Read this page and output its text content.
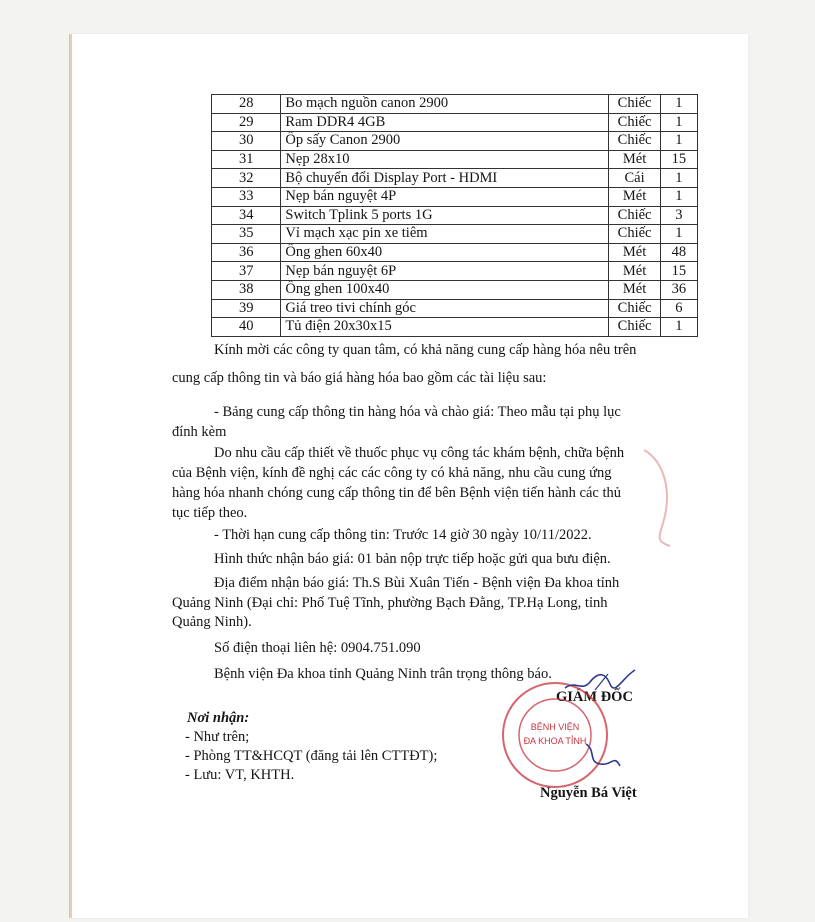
28	Bo mạch nguồn canon 2900	Chiếc	1
29	Ram DDR4 4GB	Chiếc	1
30	Ốp sấy Canon 2900	Chiếc	1
31	Nẹp 28x10	Mét	15
32	Bộ chuyển đổi Display Port - HDMI	Cái	1
33	Nẹp bán nguyệt 4P	Mét	1
34	Switch Tplink 5 ports 1G	Chiếc	3
35	Vỉ mạch xạc pin xe tiêm	Chiếc	1
36	Ống ghen 60x40	Mét	48
37	Nẹp bán nguyệt 6P	Mét	15
38	Ống ghen 100x40	Mét	36
39	Giá treo tivi chính góc	Chiếc	6
40	Tủ điện 20x30x15	Chiếc	1
Kính mời các công ty quan tâm, có khả năng cung cấp hàng hóa nêu trên
cung cấp thông tin và báo giá hàng hóa bao gồm các tài liệu sau:
- Bảng cung cấp thông tin hàng hóa và chào giá: Theo mẫu tại phụ lục
đính kèm
Do nhu cầu cấp thiết về thuốc phục vụ công tác khám bệnh, chữa bệnh
của Bệnh viện, kính đề nghị các các công ty có khả năng, nhu cầu cung ứng
hàng hóa nhanh chóng cung cấp thông tin để bên Bệnh viện tiến hành các thủ
tục tiếp theo.
- Thời hạn cung cấp thông tin: Trước 14 giờ 30 ngày 10/11/2022.
Hình thức nhận báo giá: 01 bản nộp trực tiếp hoặc gửi qua bưu điện.
Địa điểm nhận báo giá: Th.S Bùi Xuân Tiến - Bệnh viện Đa khoa tỉnh
Quảng Ninh (Đại chỉ: Phố Tuệ Tĩnh, phường Bạch Đằng, TP.Hạ Long, tỉnh
Quảng Ninh).
Số điện thoại liên hệ: 0904.751.090
Bệnh viện Đa khoa tỉnh Quảng Ninh trân trọng thông báo.
GIÁM ĐỐC
Nơi nhận:
- Như trên;
- Phòng TT&HCQT (đăng tải lên CTTĐT);
- Lưu: VT, KHTH.
BỆNH VIỆN
ĐA KHOA TỈNH
Nguyễn Bá Việt
